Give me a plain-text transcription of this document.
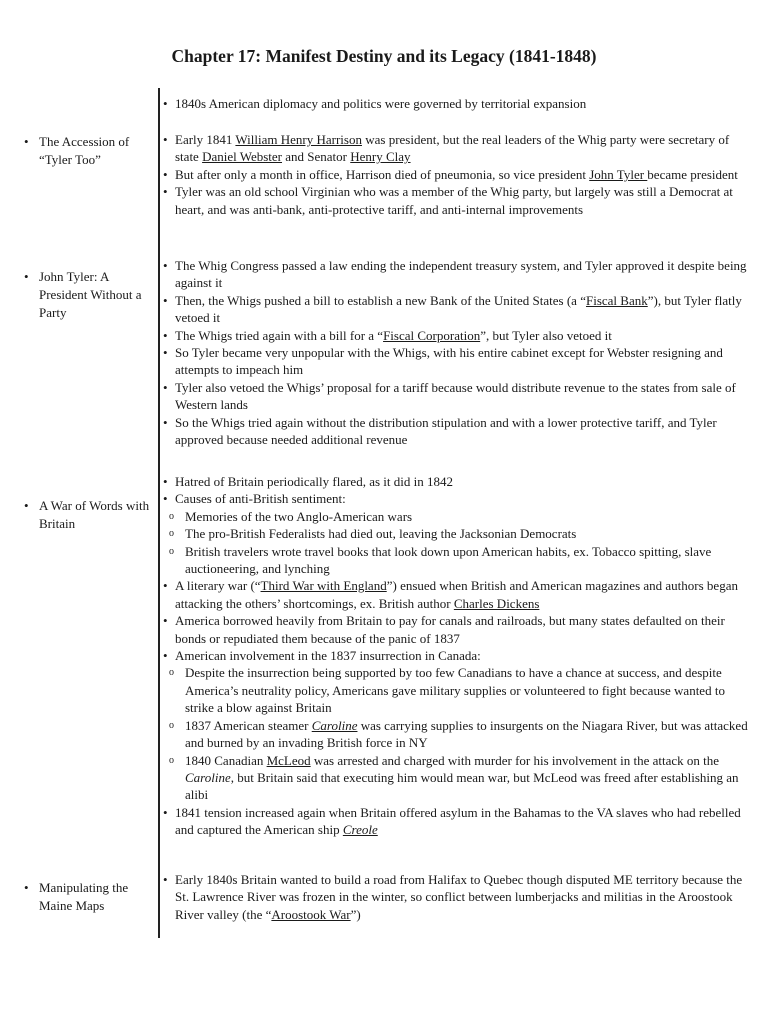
Chapter 17: Manifest Destiny and its Legacy (1841-1848)
• The Accession of “Tyler Too”
• John Tyler: A President Without a Party
• A War of Words with Britain
• Manipulating the Maine Maps
• 1840s American diplomacy and politics were governed by territorial expansion
• Early 1841 William Henry Harrison was president, but the real leaders of the Whig party were secretary of state Daniel Webster and Senator Henry Clay
• But after only a month in office, Harrison died of pneumonia, so vice president John Tyler became president
• Tyler was an old school Virginian who was a member of the Whig party, but largely was still a Democrat at heart, and was anti-bank, anti-protective tariff, and anti-internal improvements
• The Whig Congress passed a law ending the independent treasury system, and Tyler approved it despite being against it
• Then, the Whigs pushed a bill to establish a new Bank of the United States (a “Fiscal Bank”), but Tyler flatly vetoed it
• The Whigs tried again with a bill for a “Fiscal Corporation”, but Tyler also vetoed it
• So Tyler became very unpopular with the Whigs, with his entire cabinet except for Webster resigning and attempts to impeach him
• Tyler also vetoed the Whigs’ proposal for a tariff because would distribute revenue to the states from sale of Western lands
• So the Whigs tried again without the distribution stipulation and with a lower protective tariff, and Tyler approved because needed additional revenue
• Hatred of Britain periodically flared, as it did in 1842
• Causes of anti-British sentiment:
o Memories of the two Anglo-American wars
o The pro-British Federalists had died out, leaving the Jacksonian Democrats
o British travelers wrote travel books that look down upon American habits, ex. Tobacco spitting, slave auctioneering, and lynching
• A literary war (“Third War with England”) ensued when British and American magazines and authors began attacking the others’ shortcomings, ex. British author Charles Dickens
• America borrowed heavily from Britain to pay for canals and railroads, but many states defaulted on their bonds or repudiated them because of the panic of 1837
• American involvement in the 1837 insurrection in Canada:
o Despite the insurrection being supported by too few Canadians to have a chance at success, and despite America’s neutrality policy, Americans gave military supplies or volunteered to fight because wanted to strike a blow against Britain
o 1837 American steamer Caroline was carrying supplies to insurgents on the Niagara River, but was attacked and burned by an invading British force in NY
o 1840 Canadian McLeod was arrested and charged with murder for his involvement in the attack on the Caroline, but Britain said that executing him would mean war, but McLeod was freed after establishing an alibi
• 1841 tension increased again when Britain offered asylum in the Bahamas to the VA slaves who had rebelled and captured the American ship Creole
• Early 1840s Britain wanted to build a road from Halifax to Quebec though disputed ME territory because the St. Lawrence River was frozen in the winter, so conflict between lumberjacks and militias in the Aroostook River valley (the “Aroostook War”)
